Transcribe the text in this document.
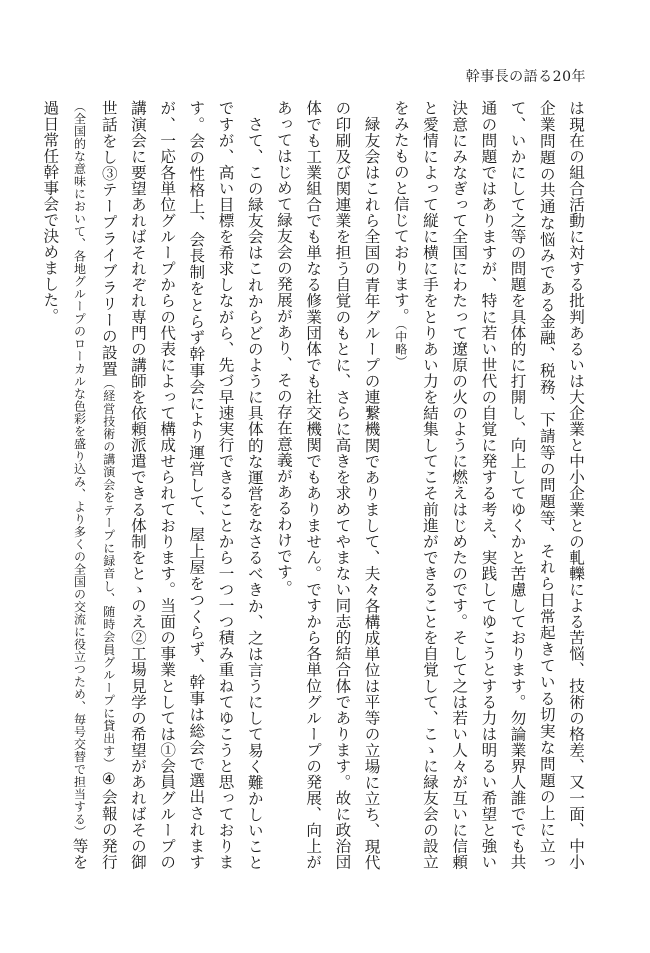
幹事長の語る20年

は現在の組合活動に対する批判あるいは大企業と中小企業との軋轢による苦悩、技術の格差、又一面、中小企業問題の共通な悩みである金融、税務、下請等の問題等、それら日常起きている切実な問題の上に立って、いかにして之等の問題を具体的に打開し、向上してゆくかと苦慮しております。勿論業界人誰ででも共通の問題ではありますが、特に若い世代の自覚に発する考え、実践してゆこうとする力は明るい希望と強い決意にみなぎって全国にわたって遼原の火のように燃えはじめたのです。そして之は若い人々が互いに信頼と愛情によって縦に横に手をとりあい力を結集してこそ前進ができることを自覚して、こゝに緑友会の設立をみたものと信じております。（中略）

緑友会はこれら全国の青年グループの連繋機関でありまして、夫々各構成単位は平等の立場に立ち、現代の印刷及び関連業を担う自覚のもとに、さらに高きを求めてやまない同志的結合体であります。故に政治団体でも工業組合でも単なる修業団体でも社交機関でもありません。ですから各単位グループの発展、向上があってはじめて緑友会の発展があり、その存在意義があるわけです。

さて、この緑友会はこれからどのように具体的な運営をなさるべきか、之は言うにして易く難かしいことですが、高い目標を希求しながら、先づ早速実行できることから一つ一つ積み重ねてゆこうと思っております。会の性格上、会長制をとらず幹事会により運営して、屋上屋をつくらず、幹事は総会で選出されますが、一応各単位グループからの代表によって構成せられております。当面の事業としては①会員グループの講演会に要望あればそれぞれ専門の講師を依頼派遣できる体制をとゝのえ②工場見学の希望があればその御世話をし③テープライブラリーの設置（経営技術の講演会をテープに録音し、随時会員グループに貸出す）④会報の発行（全国的な意味において、各地グループのローカルな色彩を盛り込み、より多くの全国の交流に役立つため、毎号交替で担当する）等を過日常任幹事会で決めました。
